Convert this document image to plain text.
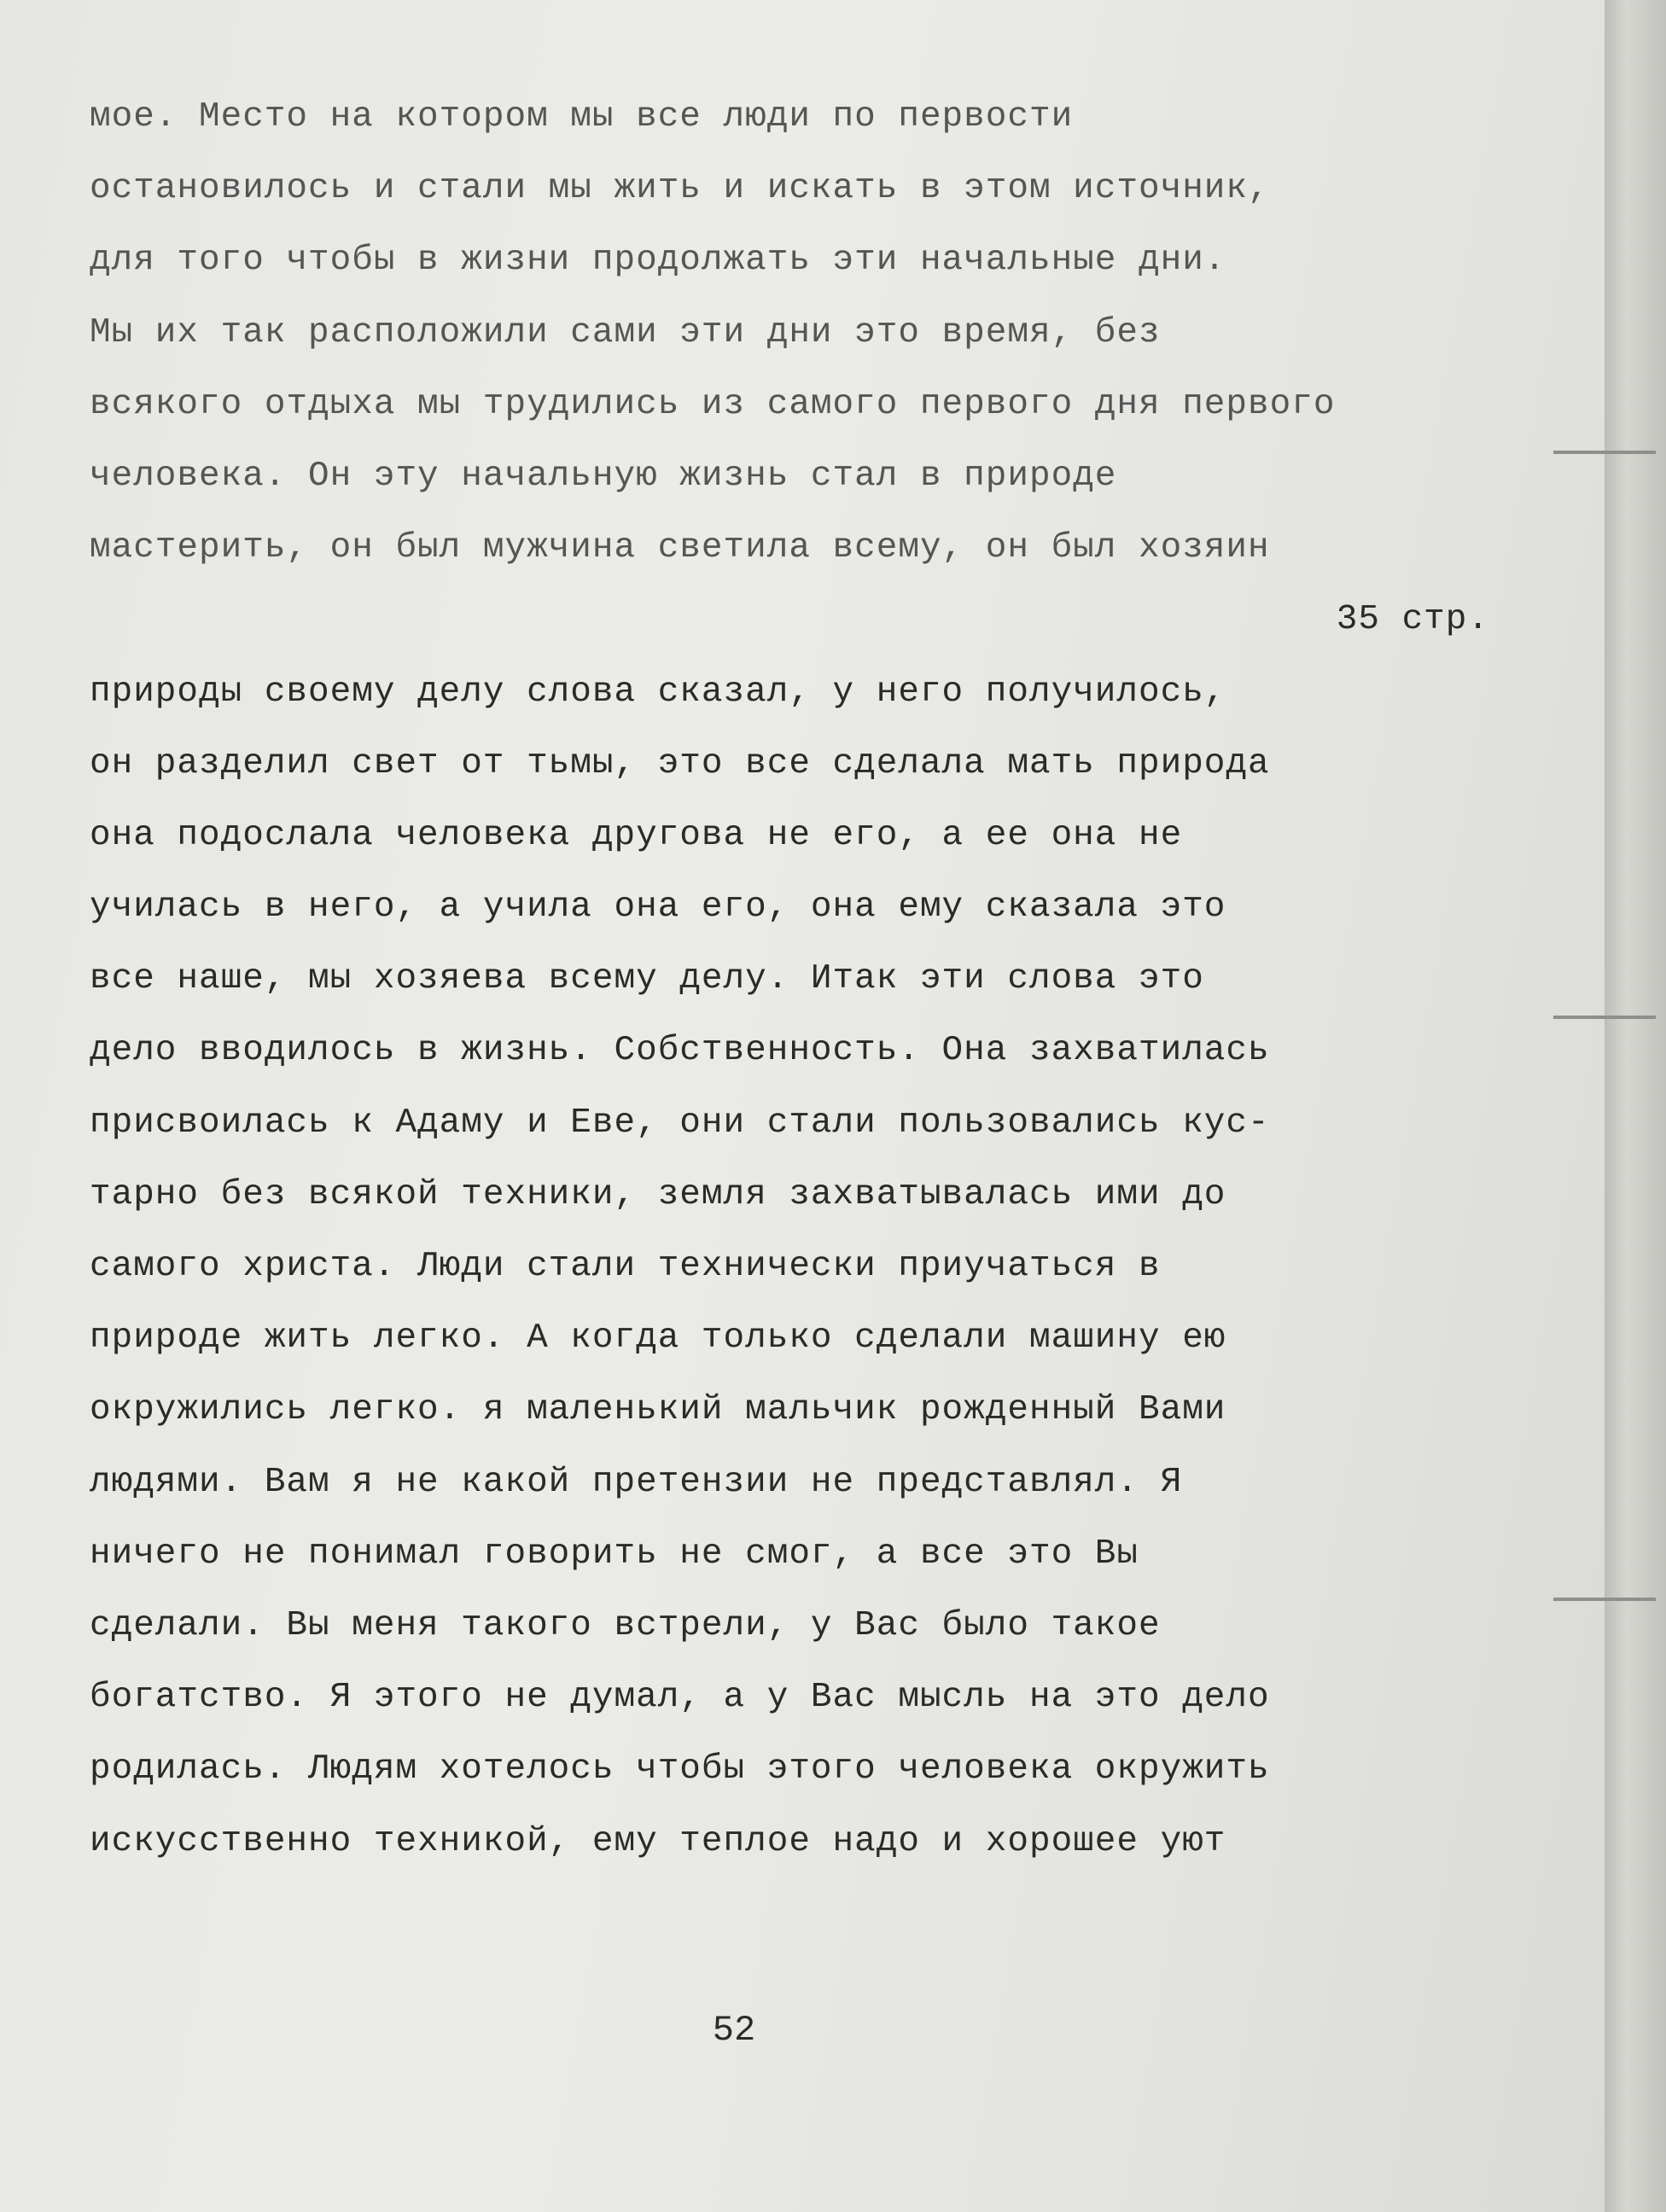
мое. Место на котором мы все люди по первости
остановилось и стали мы жить и искать в этом источник,
для того чтобы в жизни продолжать эти начальные дни.
Мы их так расположили сами эти дни это время, без
всякого отдыха мы трудились из самого первого дня первого
человека. Он эту начальную жизнь стал в природе
мастерить, он был мужчина светила всему, он был хозяин
35 стр.
природы своему делу слова сказал, у него получилось,
он разделил свет от тьмы, это все сделала мать природа
она подослала человека другова не его, а ее она не
училась в него, а учила она его, она ему сказала это
все наше, мы хозяева всему делу. Итак эти слова это
дело вводилось в жизнь. Собственность. Она захватилась
присвоилась к Адаму и Еве, они стали пользовались кус-
тарно без всякой техники, земля захватывалась ими до
самого христа. Люди стали технически приучаться в
природе жить легко. А когда только сделали машину ею
окружились легко. я маленький мальчик рожденный Вами
людями. Вам я не какой претензии не представлял. Я
ничего не понимал говорить не смог, а все это Вы
сделали. Вы меня такого встрели, у Вас было такое
богатство. Я этого не думал, а у Вас мысль на это дело
родилась. Людям хотелось чтобы этого человека окружить
искусственно техникой, ему теплое надо и хорошее уют
52
